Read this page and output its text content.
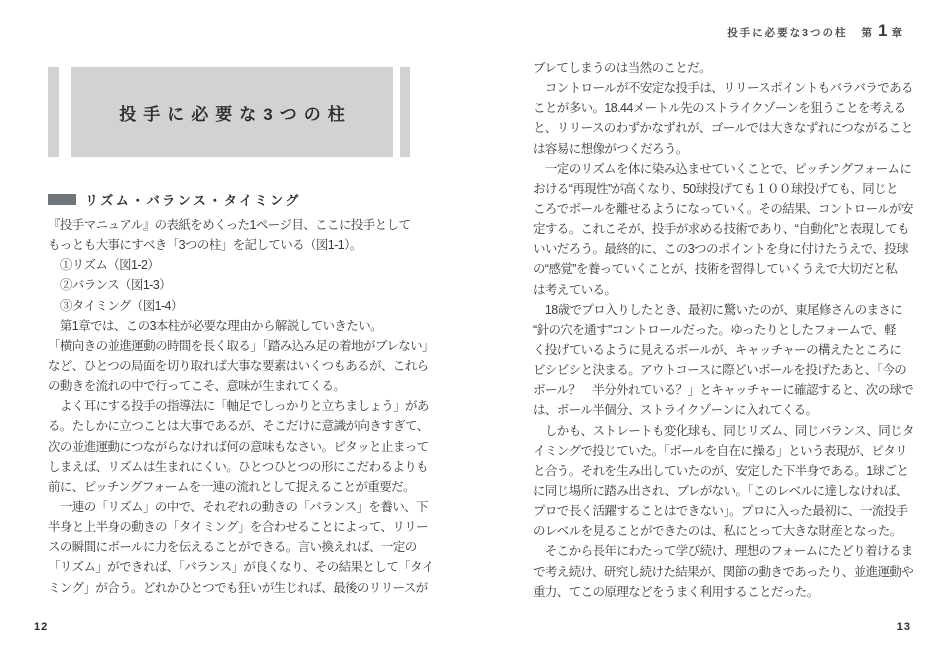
投手に必要な3つの柱 第 1 章
投手に必要な3つの柱
リズム・バランス・タイミング
『投手マニュアル』の表紙をめくった1ページ目、ここに投手として
もっとも大事にすべき「3つの柱」を記している（図1-1）。
　①リズム（図1-2）
　②バランス（図1-3）
　③タイミング（図1-4）
　第1章では、この3本柱が必要な理由から解説していきたい。
「横向きの並進運動の時間を長く取る」「踏み込み足の着地がブレない」
など、ひとつの局面を切り取れば大事な要素はいくつもあるが、これら
の動きを流れの中で行ってこそ、意味が生まれてくる。
　よく耳にする投手の指導法に「軸足でしっかりと立ちましょう」があ
る。たしかに立つことは大事であるが、そこだけに意識が向きすぎて、
次の並進運動につながらなければ何の意味もなさい。ピタッと止まって
しまえば、リズムは生まれにくい。ひとつひとつの形にこだわるよりも
前に、ピッチングフォームを一連の流れとして捉えることが重要だ。
　一連の「リズム」の中で、それぞれの動きの「バランス」を養い、下
半身と上半身の動きの「タイミング」を合わせることによって、リリー
スの瞬間にボールに力を伝えることができる。言い換えれば、一定の
「リズム」ができれば、「バランス」が良くなり、その結果として「タイ
ミング」が合う。どれかひとつでも狂いが生じれば、最後のリリースが
ブレてしまうのは当然のことだ。
　コントロールが不安定な投手は、リリースポイントもバラバラである
ことが多い。18.44メートル先のストライクゾーンを狙うことを考える
と、リリースのわずかなずれが、ゴールでは大きなずれにつながること
は容易に想像がつくだろう。
　一定のリズムを体に染み込ませていくことで、ピッチングフォームに
おける“再現性”が高くなり、50球投げても１００球投げても、同じと
ころでボールを離せるようになっていく。その結果、コントロールが安
定する。これこそが、投手が求める技術であり、“自動化”と表現しても
いいだろう。最終的に、この3つのポイントを身に付けたうえで、投球
の“感覚”を養っていくことが、技術を習得していくうえで大切だと私
は考えている。
　18歳でプロ入りしたとき、最初に驚いたのが、東尾修さんのまさに
“針の穴を通す”コントロールだった。ゆったりとしたフォームで、軽
く投げているように見えるボールが、キャッチャーの構えたところに
ビシビシと決まる。アウトコースに際どいボールを投げたあと、「今の
ボール？　半分外れている？」とキャッチャーに確認すると、次の球で
は、ボール半個分、ストライクゾーンに入れてくる。
　しかも、ストレートも変化球も、同じリズム、同じバランス、同じタ
イミングで投じていた。「ボールを自在に操る」という表現が、ピタリ
と合う。それを生み出していたのが、安定した下半身である。1球ごと
に同じ場所に踏み出され、ブレがない。「このレベルに達しなければ、
プロで長く活躍することはできない」。プロに入った最初に、一流投手
のレベルを見ることができたのは、私にとって大きな財産となった。
　そこから長年にわたって学び続け、理想のフォームにたどり着けるま
で考え続け、研究し続けた結果が、関節の動きであったり、並進運動や
重力、てこの原理などをうまく利用することだった。
12	13
